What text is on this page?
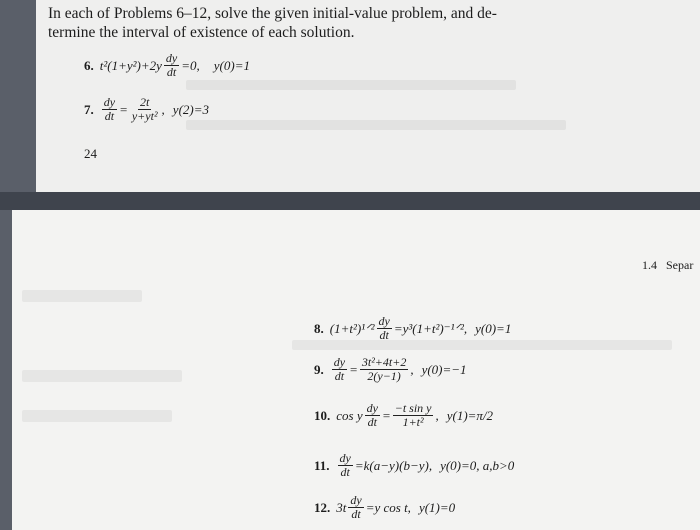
In each of Problems 6–12, solve the given initial-value problem, and de-
termine the interval of existence of each solution.
6. $t^2(1+y^2)+2y \frac{dy}{dt} =0$, y(0)=1
7. $\frac{dy}{dt} = \frac{2t}{\text{y+yt²}}$ , y(2)=3
24
1.4 Separ
8. (1+t²)¹ᐟ² $\frac{dy}{dt}$ =y³(1+t²)⁻¹ᐟ², y(0)=1
9. $\frac{dy}{dt} = \frac{\text{3t²+4t+2}}{2(y-1)}$ , y(0)=−1
10. cos y $\frac{dy}{dt} = \frac{\text{−t sin y}}{\text{1+t²}}$ , y(1)=π/2
11. $\frac{dy}{dt} =k(a-y)(b-y)$, y(0)=0, a,b>0
12. $3t \frac{dy}{dt} =y$ cos t, y(1)=0
